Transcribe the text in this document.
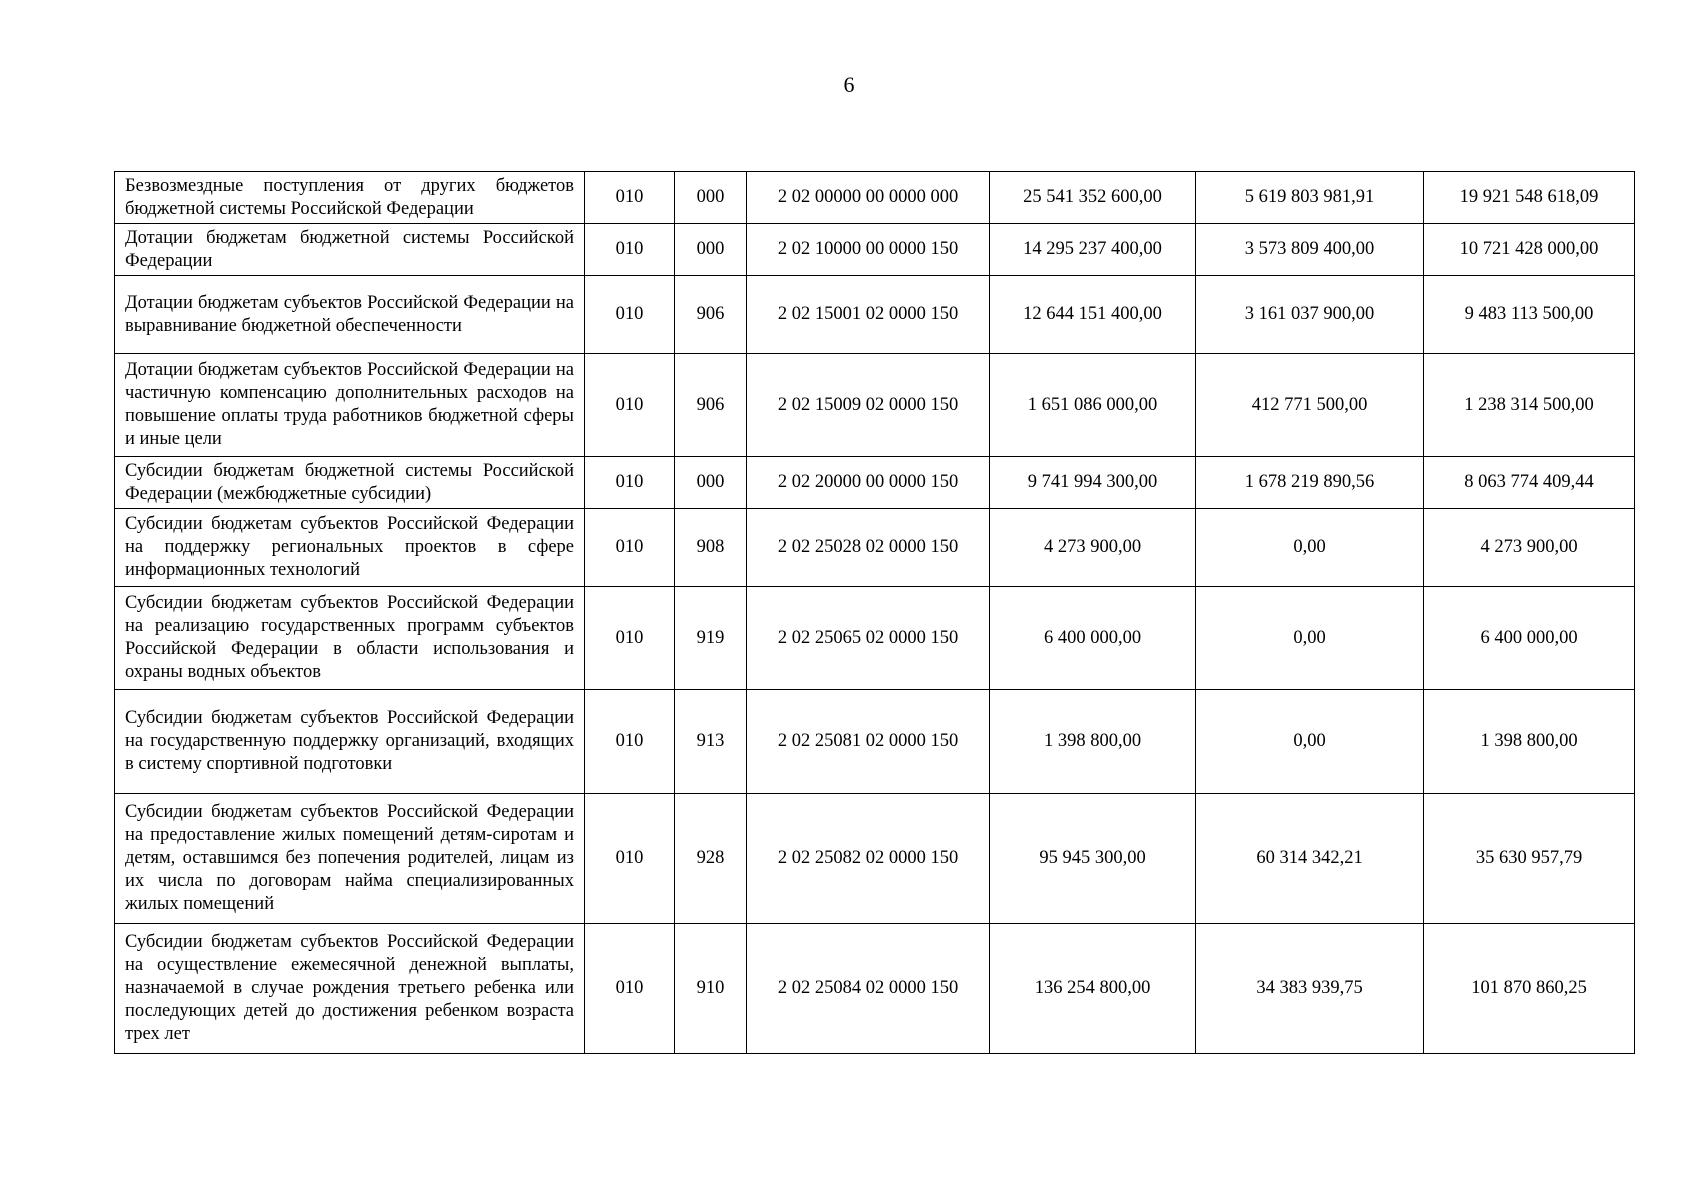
6
Безвозмездные поступления от других бюджетов бюджетной системы Российской Федерации	010	000	2 02 00000 00 0000 000	25 541 352 600,00	5 619 803 981,91	19 921 548 618,09
Дотации бюджетам бюджетной системы Российской Федерации	010	000	2 02 10000 00 0000 150	14 295 237 400,00	3 573 809 400,00	10 721 428 000,00
Дотации бюджетам субъектов Российской Федерации на выравнивание бюджетной обеспеченности	010	906	2 02 15001 02 0000 150	12 644 151 400,00	3 161 037 900,00	9 483 113 500,00
Дотации бюджетам субъектов Российской Федерации на частичную компенсацию дополнительных расходов на повышение оплаты труда работников бюджетной сферы и иные цели	010	906	2 02 15009 02 0000 150	1 651 086 000,00	412 771 500,00	1 238 314 500,00
Субсидии бюджетам бюджетной системы Российской Федерации (межбюджетные субсидии)	010	000	2 02 20000 00 0000 150	9 741 994 300,00	1 678 219 890,56	8 063 774 409,44
Субсидии бюджетам субъектов Российской Федерации на поддержку региональных проектов в сфере информационных технологий	010	908	2 02 25028 02 0000 150	4 273 900,00	0,00	4 273 900,00
Субсидии бюджетам субъектов Российской Федерации на реализацию государственных программ субъектов Российской Федерации в области использования и охраны водных объектов	010	919	2 02 25065 02 0000 150	6 400 000,00	0,00	6 400 000,00
Субсидии бюджетам субъектов Российской Федерации на государственную поддержку организаций, входящих в систему спортивной подготовки	010	913	2 02 25081 02 0000 150	1 398 800,00	0,00	1 398 800,00
Субсидии бюджетам субъектов Российской Федерации на предоставление жилых помещений детям-сиротам и детям, оставшимся без попечения родителей, лицам из их числа по договорам найма специализированных жилых помещений	010	928	2 02 25082 02 0000 150	95 945 300,00	60 314 342,21	35 630 957,79
Субсидии бюджетам субъектов Российской Федерации на осуществление ежемесячной денежной выплаты, назначаемой в случае рождения третьего ребенка или последующих детей до достижения ребенком возраста трех лет	010	910	2 02 25084 02 0000 150	136 254 800,00	34 383 939,75	101 870 860,25
